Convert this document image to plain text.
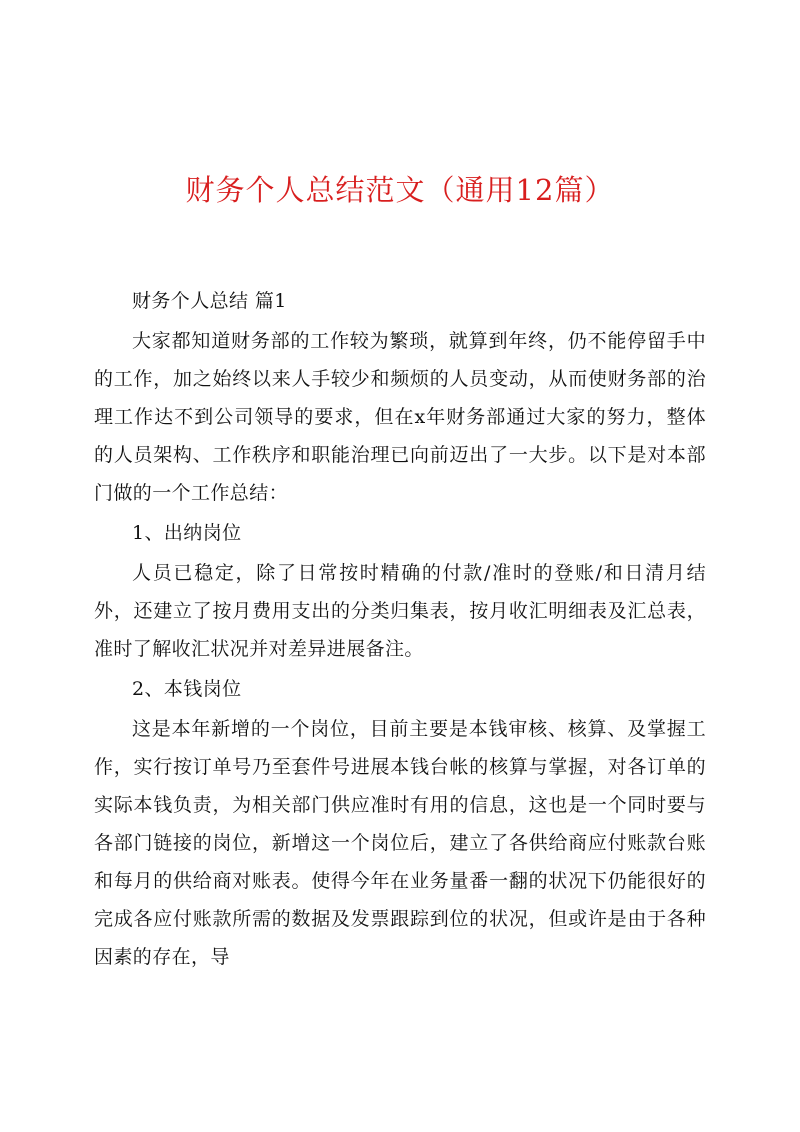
财务个人总结范文（通用12篇）

财务个人总结 篇1

大家都知道财务部的工作较为繁琐，就算到年终，仍不能停留手中的工作，加之始终以来人手较少和频烦的人员变动，从而使财务部的治理工作达不到公司领导的要求，但在x年财务部通过大家的努力，整体的人员架构、工作秩序和职能治理已向前迈出了一大步。以下是对本部门做的一个工作总结：

1、出纳岗位

人员已稳定，除了日常按时精确的付款/准时的登账/和日清月结外，还建立了按月费用支出的分类归集表，按月收汇明细表及汇总表，准时了解收汇状况并对差异进展备注。

2、本钱岗位

这是本年新增的一个岗位，目前主要是本钱审核、核算、及掌握工作，实行按订单号乃至套件号进展本钱台帐的核算与掌握，对各订单的实际本钱负责，为相关部门供应准时有用的信息，这也是一个同时要与各部门链接的岗位，新增这一个岗位后，建立了各供给商应付账款台账和每月的供给商对账表。使得今年在业务量番一翻的状况下仍能很好的完成各应付账款所需的数据及发票跟踪到位的状况，但或许是由于各种因素的存在，导
